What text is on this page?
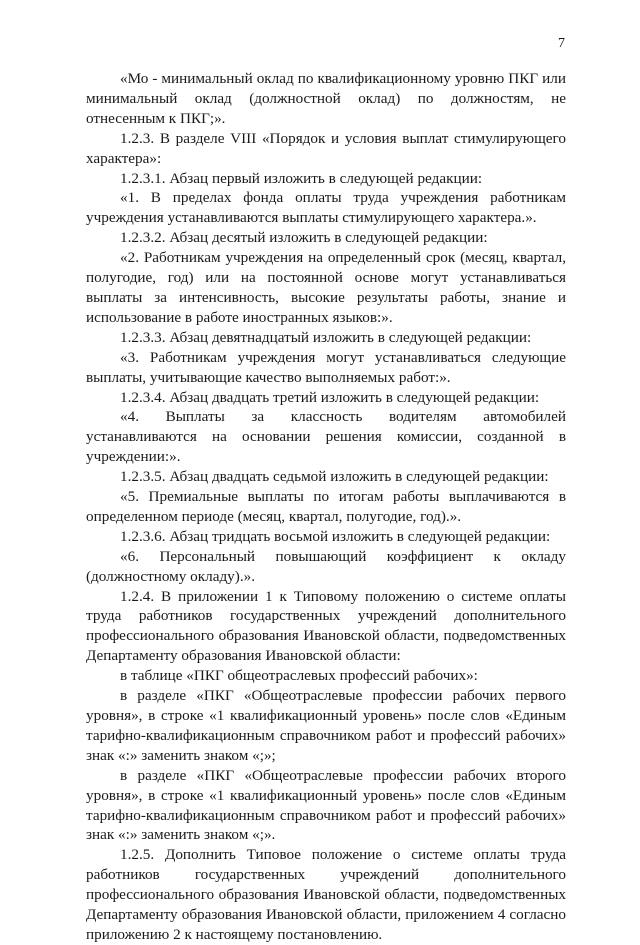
7

«Мо - минимальный оклад по квалификационному уровню ПКГ или минимальный оклад (должностной оклад) по должностям, не отнесенным к ПКГ;».

1.2.3. В разделе VIII «Порядок и условия выплат стимулирующего характера»:

1.2.3.1. Абзац первый изложить в следующей редакции:

«1. В пределах фонда оплаты труда учреждения работникам учреждения устанавливаются выплаты стимулирующего характера.».

1.2.3.2. Абзац десятый изложить в следующей редакции:

«2. Работникам учреждения на определенный срок (месяц, квартал, полугодие, год) или на постоянной основе могут устанавливаться выплаты за интенсивность, высокие результаты работы, знание и использование в работе иностранных языков:».

1.2.3.3. Абзац девятнадцатый изложить в следующей редакции:

«3. Работникам учреждения могут устанавливаться следующие выплаты, учитывающие качество выполняемых работ:».

1.2.3.4. Абзац двадцать третий изложить в следующей редакции:

«4. Выплаты за классность водителям автомобилей устанавливаются на основании решения комиссии, созданной в учреждении:».

1.2.3.5. Абзац двадцать седьмой изложить в следующей редакции:

«5. Премиальные выплаты по итогам работы выплачиваются в определенном периоде (месяц, квартал, полугодие, год).».

1.2.3.6. Абзац тридцать восьмой изложить в следующей редакции:

«6. Персональный повышающий коэффициент к окладу (должностному окладу).».

1.2.4. В приложении 1 к Типовому положению о системе оплаты труда работников государственных учреждений дополнительного профессионального образования Ивановской области, подведомственных Департаменту образования Ивановской области:

в таблице «ПКГ общеотраслевых профессий рабочих»:

в разделе «ПКГ «Общеотраслевые профессии рабочих первого уровня», в строке «1 квалификационный уровень» после слов «Единым тарифно-квалификационным справочником работ и профессий рабочих» знак «:» заменить знаком «;»;

в разделе «ПКГ «Общеотраслевые профессии рабочих второго уровня», в строке «1 квалификационный уровень» после слов «Единым тарифно-квалификационным справочником работ и профессий рабочих» знак «:» заменить знаком «;».

1.2.5. Дополнить Типовое положение о системе оплаты труда работников государственных учреждений дополнительного профессионального образования Ивановской области, подведомственных Департаменту образования Ивановской области, приложением 4 согласно приложению 2 к настоящему постановлению.
